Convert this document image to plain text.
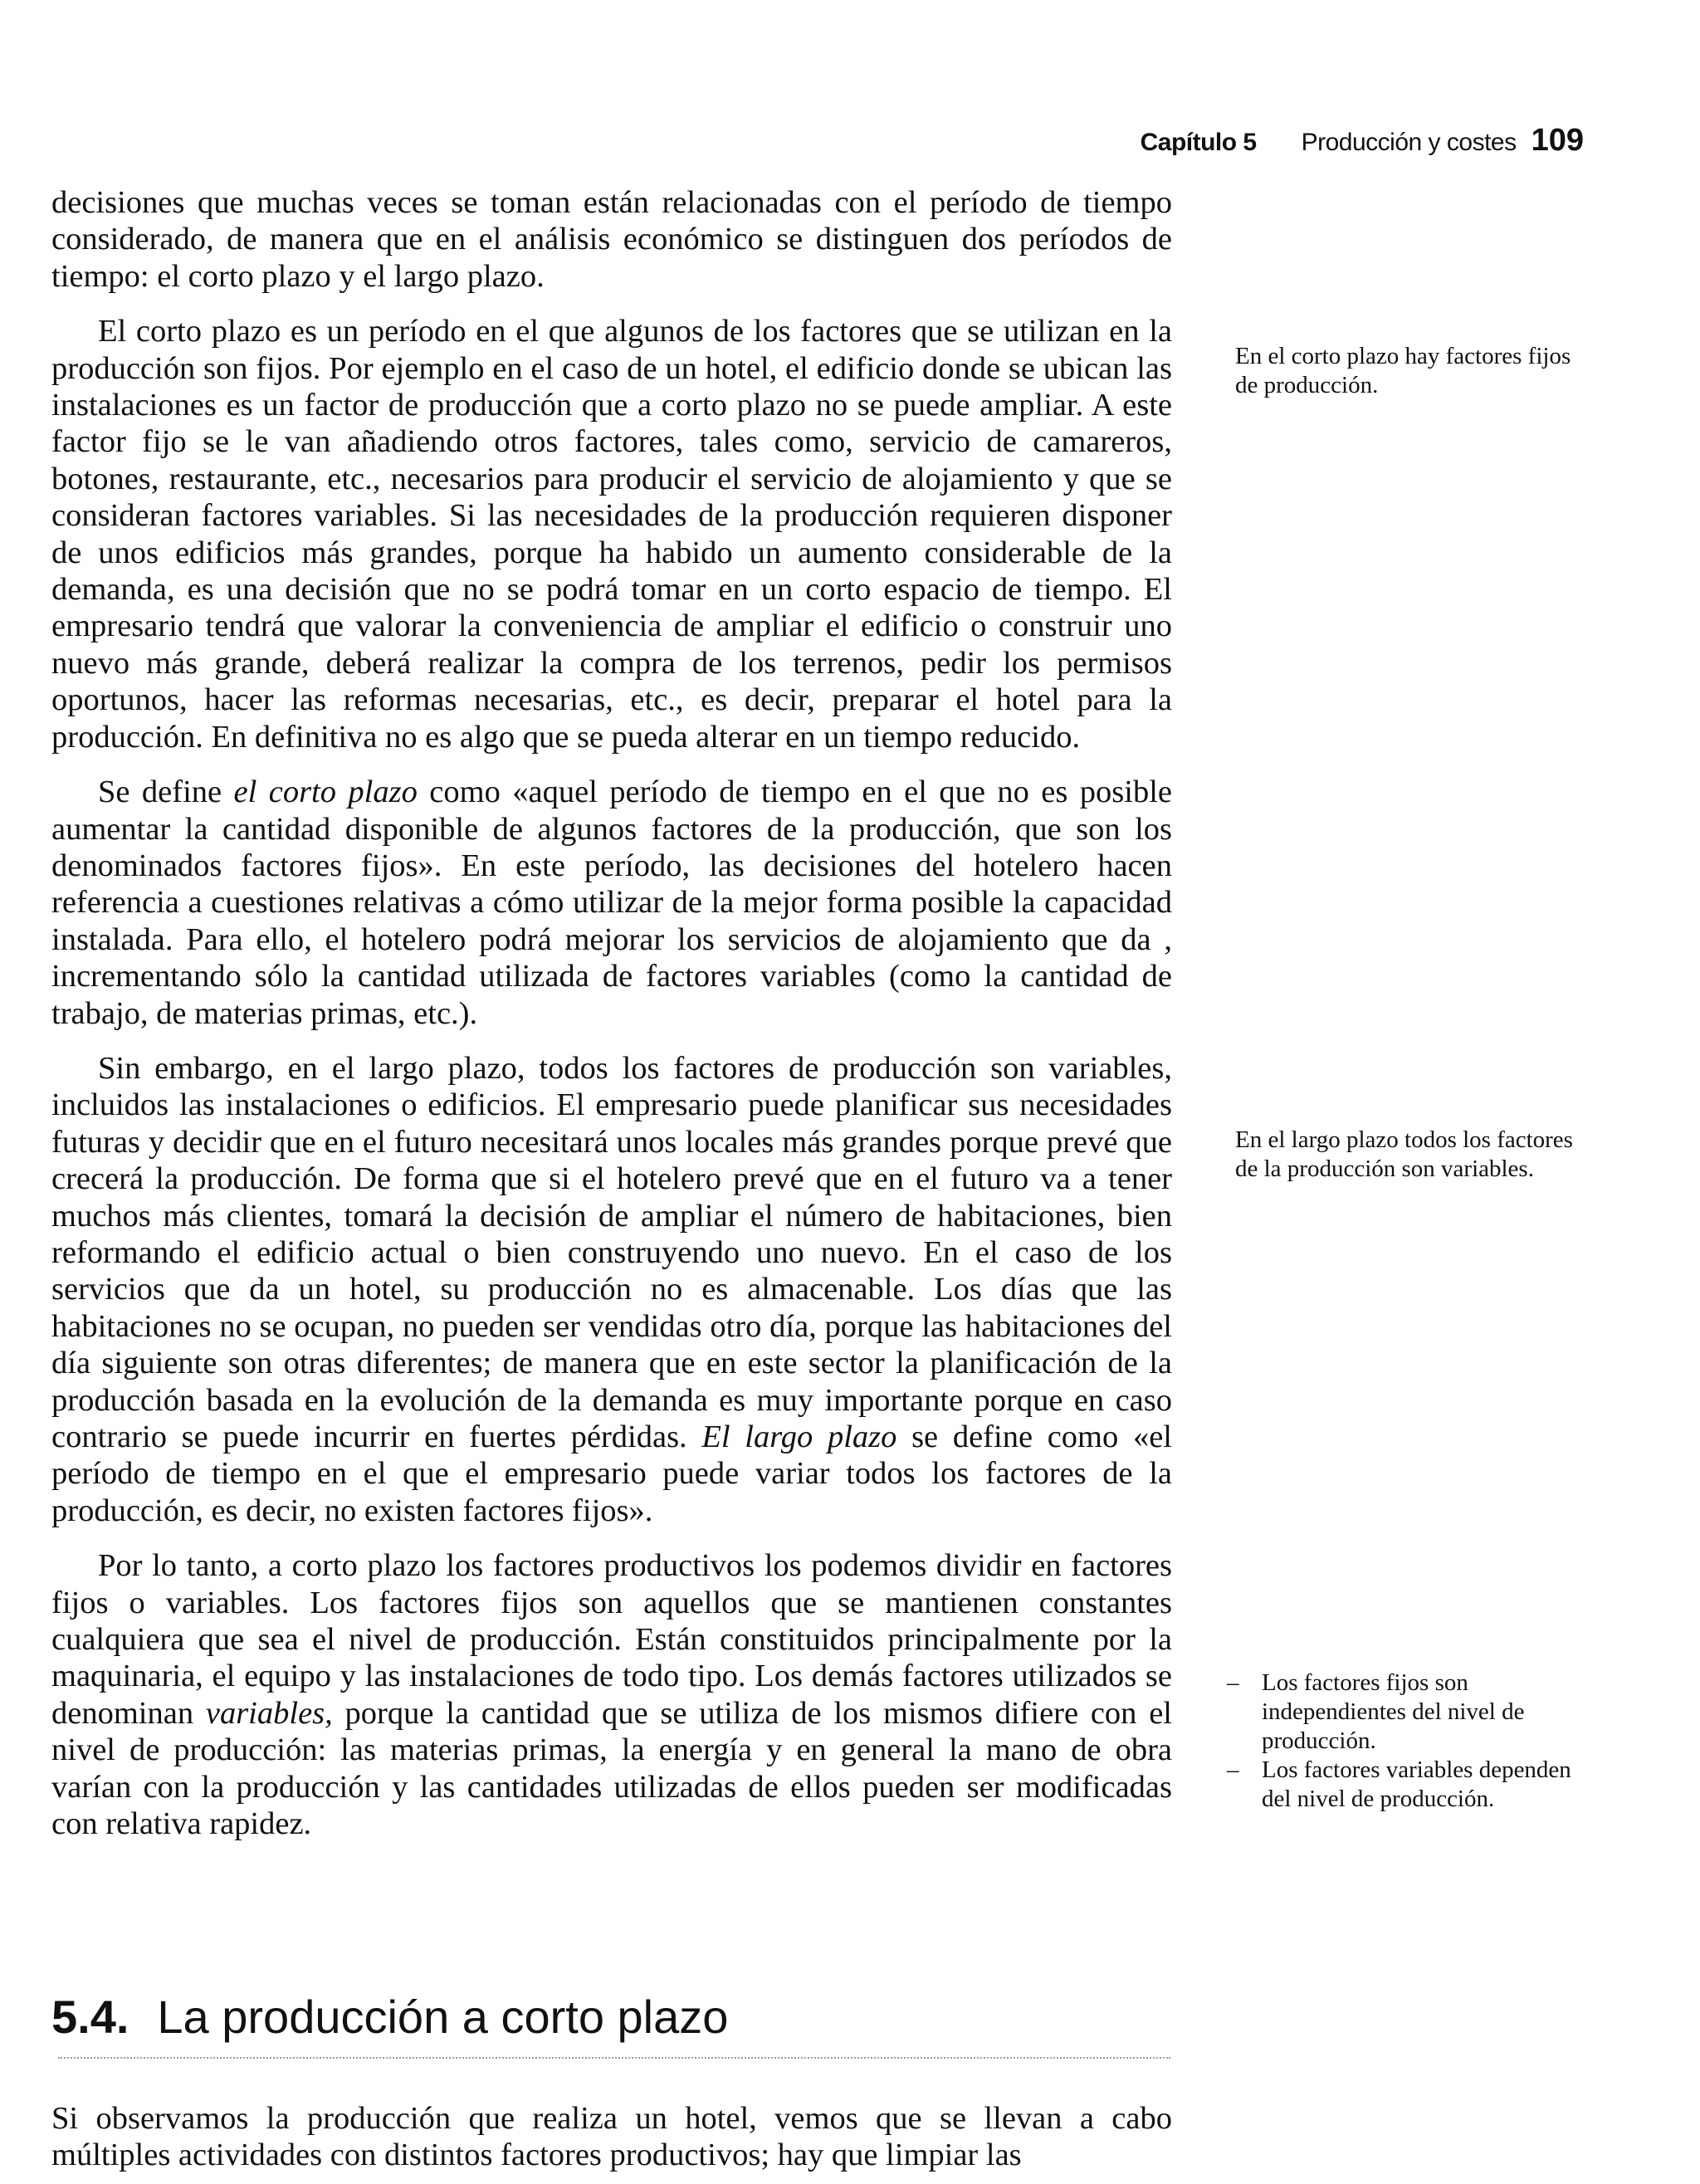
Capítulo 5 Producción y costes 109

decisiones que muchas veces se toman están relacionadas con el período de tiempo considerado, de manera que en el análisis económico se distinguen dos períodos de tiempo: el corto plazo y el largo plazo.

El corto plazo es un período en el que algunos de los factores que se utilizan en la producción son fijos. Por ejemplo en el caso de un hotel, el edificio donde se ubican las instalaciones es un factor de producción que a corto plazo no se puede ampliar. A este factor fijo se le van añadiendo otros factores, tales como, servicio de camareros, botones, restaurante, etc., necesarios para producir el servicio de alojamiento y que se consideran factores variables. Si las necesidades de la producción requieren disponer de unos edificios más grandes, porque ha habido un aumento considerable de la demanda, es una decisión que no se podrá tomar en un corto espacio de tiempo. El empresario tendrá que valorar la conveniencia de ampliar el edificio o construir uno nuevo más grande, deberá realizar la compra de los terrenos, pedir los permisos oportunos, hacer las reformas necesarias, etc., es decir, preparar el hotel para la producción. En definitiva no es algo que se pueda alterar en un tiempo reducido.

Se define el corto plazo como «aquel período de tiempo en el que no es posible aumentar la cantidad disponible de algunos factores de la producción, que son los denominados factores fijos». En este período, las decisiones del hotelero hacen referencia a cuestiones relativas a cómo utilizar de la mejor forma posible la capacidad instalada. Para ello, el hotelero podrá mejorar los servicios de alojamiento que da , incrementando sólo la cantidad utilizada de factores variables (como la cantidad de trabajo, de materias primas, etc.).

Sin embargo, en el largo plazo, todos los factores de producción son variables, incluidos las instalaciones o edificios. El empresario puede planificar sus necesidades futuras y decidir que en el futuro necesitará unos locales más grandes porque prevé que crecerá la producción. De forma que si el hotelero prevé que en el futuro va a tener muchos más clientes, tomará la decisión de ampliar el número de habitaciones, bien reformando el edificio actual o bien construyendo uno nuevo. En el caso de los servicios que da un hotel, su producción no es almacenable. Los días que las habitaciones no se ocupan, no pueden ser vendidas otro día, porque las habitaciones del día siguiente son otras diferentes; de manera que en este sector la planificación de la producción basada en la evolución de la demanda es muy importante porque en caso contrario se puede incurrir en fuertes pérdidas. El largo plazo se define como «el período de tiempo en el que el empresario puede variar todos los factores de la producción, es decir, no existen factores fijos».

Por lo tanto, a corto plazo los factores productivos los podemos dividir en factores fijos o variables. Los factores fijos son aquellos que se mantienen constantes cualquiera que sea el nivel de producción. Están constituidos principalmente por la maquinaria, el equipo y las instalaciones de todo tipo. Los demás factores utilizados se denominan variables, porque la cantidad que se utiliza de los mismos difiere con el nivel de producción: las materias primas, la energía y en general la mano de obra varían con la producción y las cantidades utilizadas de ellos pueden ser modificadas con relativa rapidez.

En el corto plazo hay factores fijos de producción.
En el largo plazo todos los factores de la producción son variables.
– Los factores fijos son independientes del nivel de producción.
– Los factores variables dependen del nivel de producción.
5.4. La producción a corto plazo

Si observamos la producción que realiza un hotel, vemos que se llevan a cabo múltiples actividades con distintos factores productivos; hay que limpiar las
